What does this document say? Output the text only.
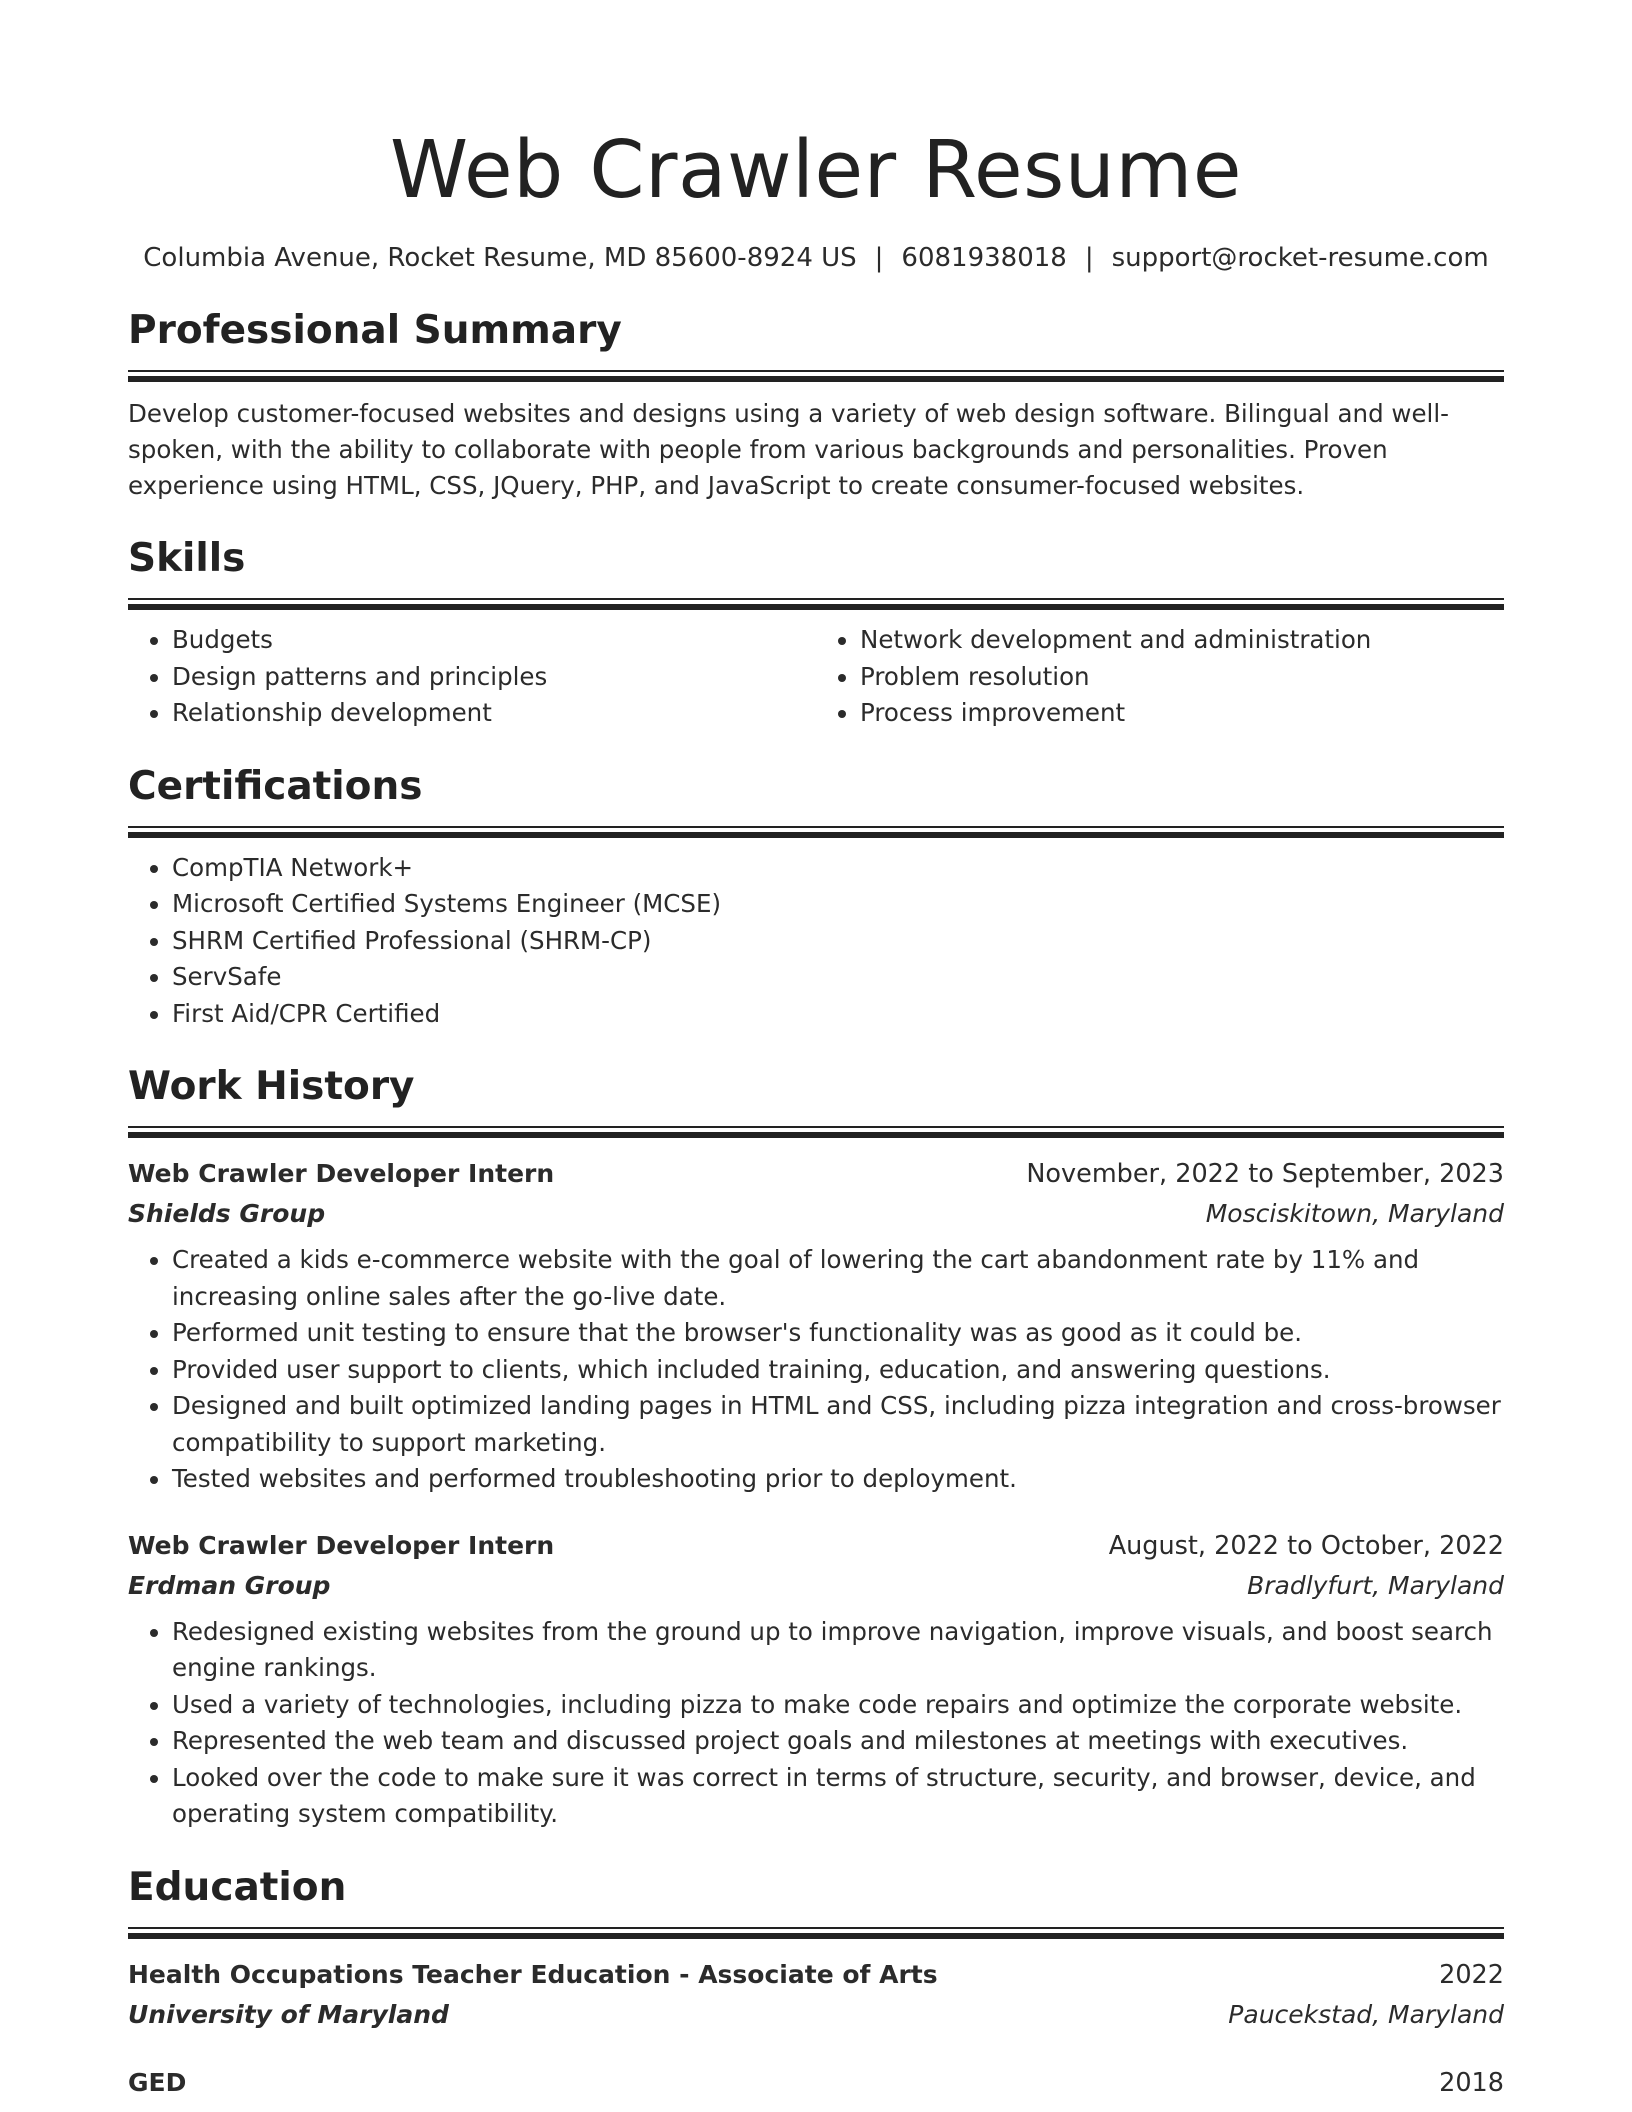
Web Crawler Resume
Columbia Avenue, Rocket Resume, MD 85600-8924 US | 6081938018 | support@rocket-resume.com
Professional Summary

Develop customer-focused websites and designs using a variety of web design software. Bilingual and well-spoken, with the ability to collaborate with people from various backgrounds and personalities. Proven experience using HTML, CSS, JQuery, PHP, and JavaScript to create consumer-focused websites.

Skills
• Budgets
• Design patterns and principles
• Relationship development
• Network development and administration
• Problem resolution
• Process improvement
Certifications
• CompTIA Network+
• Microsoft Certified Systems Engineer (MCSE)
• SHRM Certified Professional (SHRM-CP)
• ServSafe
• First Aid/CPR Certified
Work History
Web Crawler Developer Intern	November, 2022 to September, 2023
Shields Group	Mosciskitown, Maryland
• Created a kids e-commerce website with the goal of lowering the cart abandonment rate by 11% and increasing online sales after the go-live date.
• Performed unit testing to ensure that the browser's functionality was as good as it could be.
• Provided user support to clients, which included training, education, and answering questions.
• Designed and built optimized landing pages in HTML and CSS, including pizza integration and cross-browser compatibility to support marketing.
• Tested websites and performed troubleshooting prior to deployment.
Web Crawler Developer Intern	August, 2022 to October, 2022
Erdman Group	Bradlyfurt, Maryland
• Redesigned existing websites from the ground up to improve navigation, improve visuals, and boost search engine rankings.
• Used a variety of technologies, including pizza to make code repairs and optimize the corporate website.
• Represented the web team and discussed project goals and milestones at meetings with executives.
• Looked over the code to make sure it was correct in terms of structure, security, and browser, device, and operating system compatibility.
Education
Health Occupations Teacher Education - Associate of Arts	2022
University of Maryland	Paucekstad, Maryland
GED	2018
